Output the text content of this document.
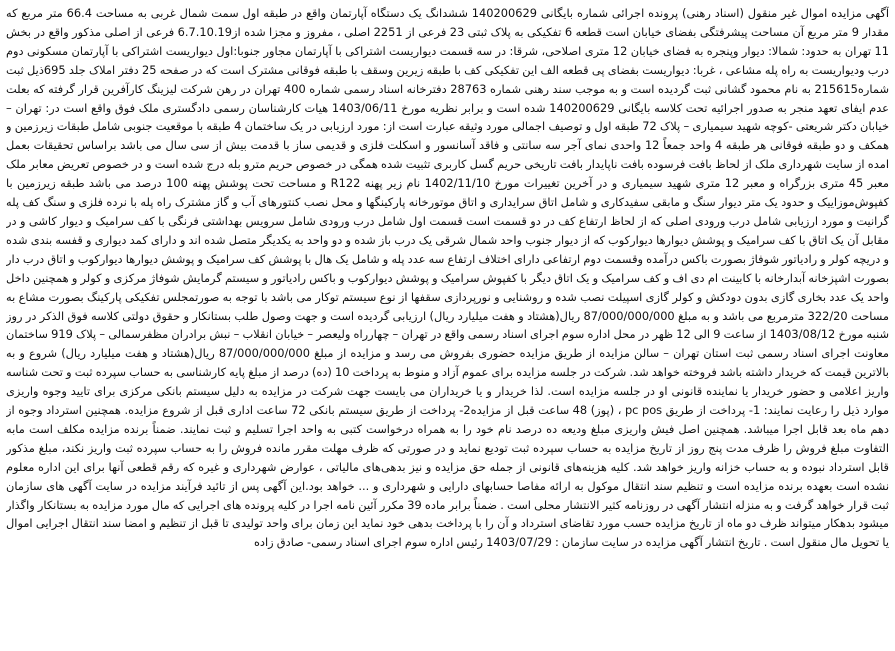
آگهی مزایده اموال غیر منقول (اسناد رهنی) پرونده اجرائی شماره بایگانی 140200629 ششدانگ یک دستگاه آپارتمان واقع در طبقه اول سمت شمال غربی به مساحت 66.4 متر مربع که مقدار 9 متر مربع آن مساحت پیشرفتگی بفضای خیابان است قطعه 6 تفکیکی به پلاک ثبتی 23 فرعی از 2251 اصلی ، مفروز و مجزا شده از6.7.10.19 فرعی از اصلی مذکور واقع در بخش 11 تهران به حدود: شمالا: دیوار وپنجره به فضای خیابان 12 متری اصلاحی، شرقا: در سه قسمت دیواریست اشتراکی با آپارتمان مجاور جنوبا:اول دیواریست اشتراکی با آپارتمان مسکونی دوم درب ودیواریست به راه پله مشاعی ، غربا: دیواریست بفضای پی قطعه الف این تفکیکی کف با طبقه زیرین وسقف با طبقه فوقانی مشترک است که در صفحه 25 دفتر املاک جلد 695ذیل ثبت شماره215615 به نام محمود گشانی ثبت گردیده است و به موجب سند رهنی شماره 28763 دفترخانه اسناد رسمی شماره 400 تهران در رهن شرکت لیزینگ کارآفرین قرار گرفته که بعلت عدم ایفای تعهد منجر به صدور اجرائیه تحت کلاسه بایگانی 140200629 شده است و برابر نظریه مورخ 1403/06/11 هیات کارشناسان رسمی دادگستری ملک فوق واقع است در: تهران – خیابان دکتر شریعتی -کوچه شهید سیمیاری – پلاک 72 طبقه اول و توصیف اجمالی مورد وثیقه عبارت است از: مورد ارزیابی در یک ساختمان 4 طبقه با موقعیت جنوبی شامل طبقات زیرزمین و همکف و دو طبقه فوقانی هر طبقه 4 واحد جمعاً 12 واحدی نمای آجر سه سانتی و فاقد آسانسور و اسکلت فلزی و قدیمی ساز با قدمت بیش از سی سال می باشد براساس تحقیقات بعمل امده از سایت شهرداری ملک از لحاظ بافت فرسوده بافت ناپایدار بافت تاریخی حریم گسل کاربری تثبیت شده همگی در خصوص حریم مترو بله درج شده است و در خصوص تعریض معابر ملک معبر 45 متری بزرگراه و معبر 12 متری شهید سیمیاری و در آخرین تغییرات مورخ 1402/11/10 نام زیر پهنه R122 و مساحت تحت پوشش پهنه 100 درصد می باشد طبقه زیرزمین با کفپوش‌موزاییک و حدود یک متر دیوار سنگ و مابقی سفیدکاری و شامل اتاق سرایداری و اتاق موتورخانه پارکینگها و محل نصب کنتورهای آب و گاز مشترک راه پله با نرده فلزی و سنگ کف پله گرانیت و مورد ارزیابی شامل درب ورودی اصلی که از لحاظ ارتفاع کف در دو قسمت است قسمت اول شامل درب ورودی شامل سرویس بهداشتی فرنگی با کف سرامیک و دیوار کاشی و در مقابل آن یک اتاق با کف سرامیک و پوشش دیوارها دیوارکوب که از دیوار جنوب واحد شمال شرقی یک درب باز شده و دو واحد به یکدیگر متصل شده اند و دارای کمد دیواری و قفسه بندی شده و دریچه کولر و رادیاتور شوفاژ بصورت باکس درآمده وقسمت دوم ارتفاعی دارای اختلاف ارتفاع سه عدد پله و شامل یک هال با پوشش کف سرامیک و پوشش دیوارها دیوارکوب و اتاق درب دار بصورت اشپزخانه آبدارخانه با کابینت ام دی اف و کف سرامیک و یک اتاق دیگر با کفپوش سرامیک و پوشش دیوارکوب و باکس رادیاتور و سیستم گرمایش شوفاژ مرکزی و کولر و همچنین داخل واحد یک عدد بخاری گازی بدون دودکش و کولر گازی اسپیلت نصب شده و روشنایی و نورپردازی سقفها از نوع سیستم توکار می باشد با توجه به صورتمجلس تفکیکی پارکینگ بصورت مشاع به مساحت 322/20 مترمربع می باشد و به مبلغ 87/000/000/000 ریال(هشتاد و هفت میلیارد ریال) ارزیابی گردیده است و جهت وصول طلب بستانکار و حقوق دولتی کلاسه فوق الذکر در روز شنبه مورخ 1403/08/12 از ساعت 9 الی 12 ظهر در محل اداره سوم اجرای اسناد رسمی واقع در تهران – چهارراه ولیعصر – خیابان انقلاب – نبش برادران مظفرسمالی – پلاک 919 ساختمان معاونت اجرای اسناد رسمی ثبت استان تهران – سالن مزایده از طریق مزایده حضوری بفروش می رسد و مزایده از مبلغ 87/000/000/000 ریال(هشتاد و هفت میلیارد ریال) شروع و به بالاترین قیمت که خریدار داشته باشد فروخته خواهد شد. شرکت در جلسه مزایده برای عموم آزاد و منوط به پرداخت 10 (ده) درصد از مبلغ پایه کارشناسی به حساب سپرده ثبت و تحت شناسه واریز اعلامی و حضور خریدار یا نماینده قانونی او در جلسه مزایده است. لذا خریدار و یا خریداران می بایست جهت شرکت در مزایده به دلیل سیستم بانکی مرکزی برای تایید وجوه واریزی موارد ذیل را رعایت نمایند: 1- پرداخت از طریق pc pos ، (پوز) 48 ساعت قبل از مزایده2- پرداخت از طریق سیستم بانکی 72 ساعت اداری قبل از شروع مزایده. همچنین استرداد وجوه از دهم ماه بعد قابل اجرا میباشد. همچنین اصل فیش واریزی مبلغ ودیعه ده درصد نام خود را به همراه درخواست کتبی به واحد اجرا تسلیم و ثبت نمایند. ضمناً برنده مزایده مکلف است مابه التفاوت مبلغ فروش را ظرف مدت پنج روز از تاریخ مزایده به حساب سپرده ثبت تودیع نماید و در صورتی که ظرف مهلت مقرر مانده فروش را به حساب سپرده ثبت واریز نکند، مبلغ مذکور قابل استرداد نبوده و به حساب خزانه واریز خواهد شد. کلیه هزینه‌های قانونی از جمله حق مزایده و نیز بدهی‌های مالیاتی ، عوارض شهرداری و غیره که رقم قطعی آنها برای این اداره معلوم نشده است بعهده برنده مزایده است و تنظیم سند انتقال موکول به ارائه مفاصا حسابهای دارایی و شهرداری و ... خواهد بود.این آگهی پس از تائید فرآیند مزایده در سایت آگهی های سازمان ثبت قرار خواهد گرفت و به منزله انتشار آگهی در روزنامه کثیر الانتشار محلی است . ضمناً برابر ماده 39 مکرر آئین نامه اجرا در کلیه پرونده های اجرایی که مال مورد مزایده به بستانکار واگذار میشود بدهکار میتواند ظرف دو ماه از تاریخ مزایده حسب مورد تقاضای استرداد و آن را با پرداخت بدهی خود نماید این زمان برای واحد تولیدی تا قبل از تنظیم و امضا سند انتقال اجرایی اموال یا تحویل مال منقول است . تاریخ انتشار آگهی مزایده در سایت سازمان : 1403/07/29 رئیس اداره سوم اجرای اسناد رسمی- صادق زاده
